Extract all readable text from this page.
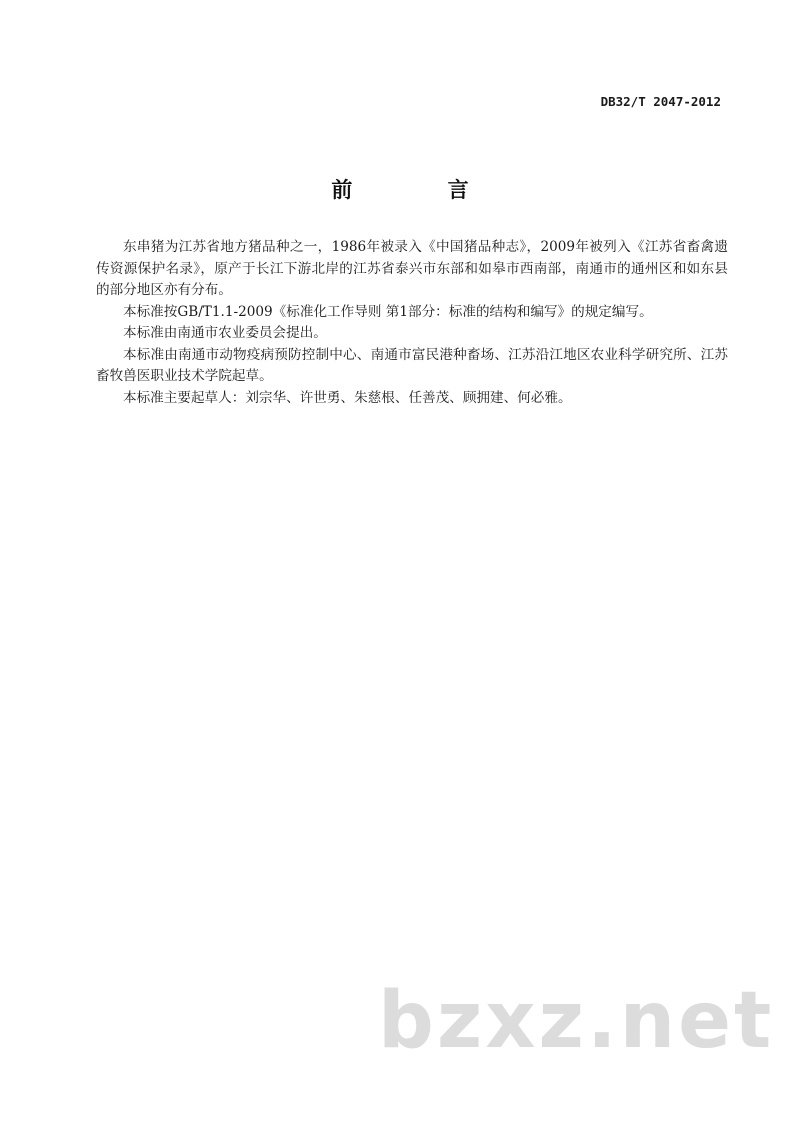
DB32/T 2047-2012
前 言

东串猪为江苏省地方猪品种之一，1986年被录入《中国猪品种志》，2009年被列入《江苏省畜禽遗传资源保护名录》，原产于长江下游北岸的江苏省泰兴市东部和如皋市西南部，南通市的通州区和如东县的部分地区亦有分布。

本标准按GB/T1.1-2009《标准化工作导则 第1部分：标准的结构和编写》的规定编写。

本标准由南通市农业委员会提出。

本标准由南通市动物疫病预防控制中心、南通市富民港种畜场、江苏沿江地区农业科学研究所、江苏畜牧兽医职业技术学院起草。

本标准主要起草人：刘宗华、许世勇、朱慈根、任善茂、顾拥建、何必雅。

bzxz.net
